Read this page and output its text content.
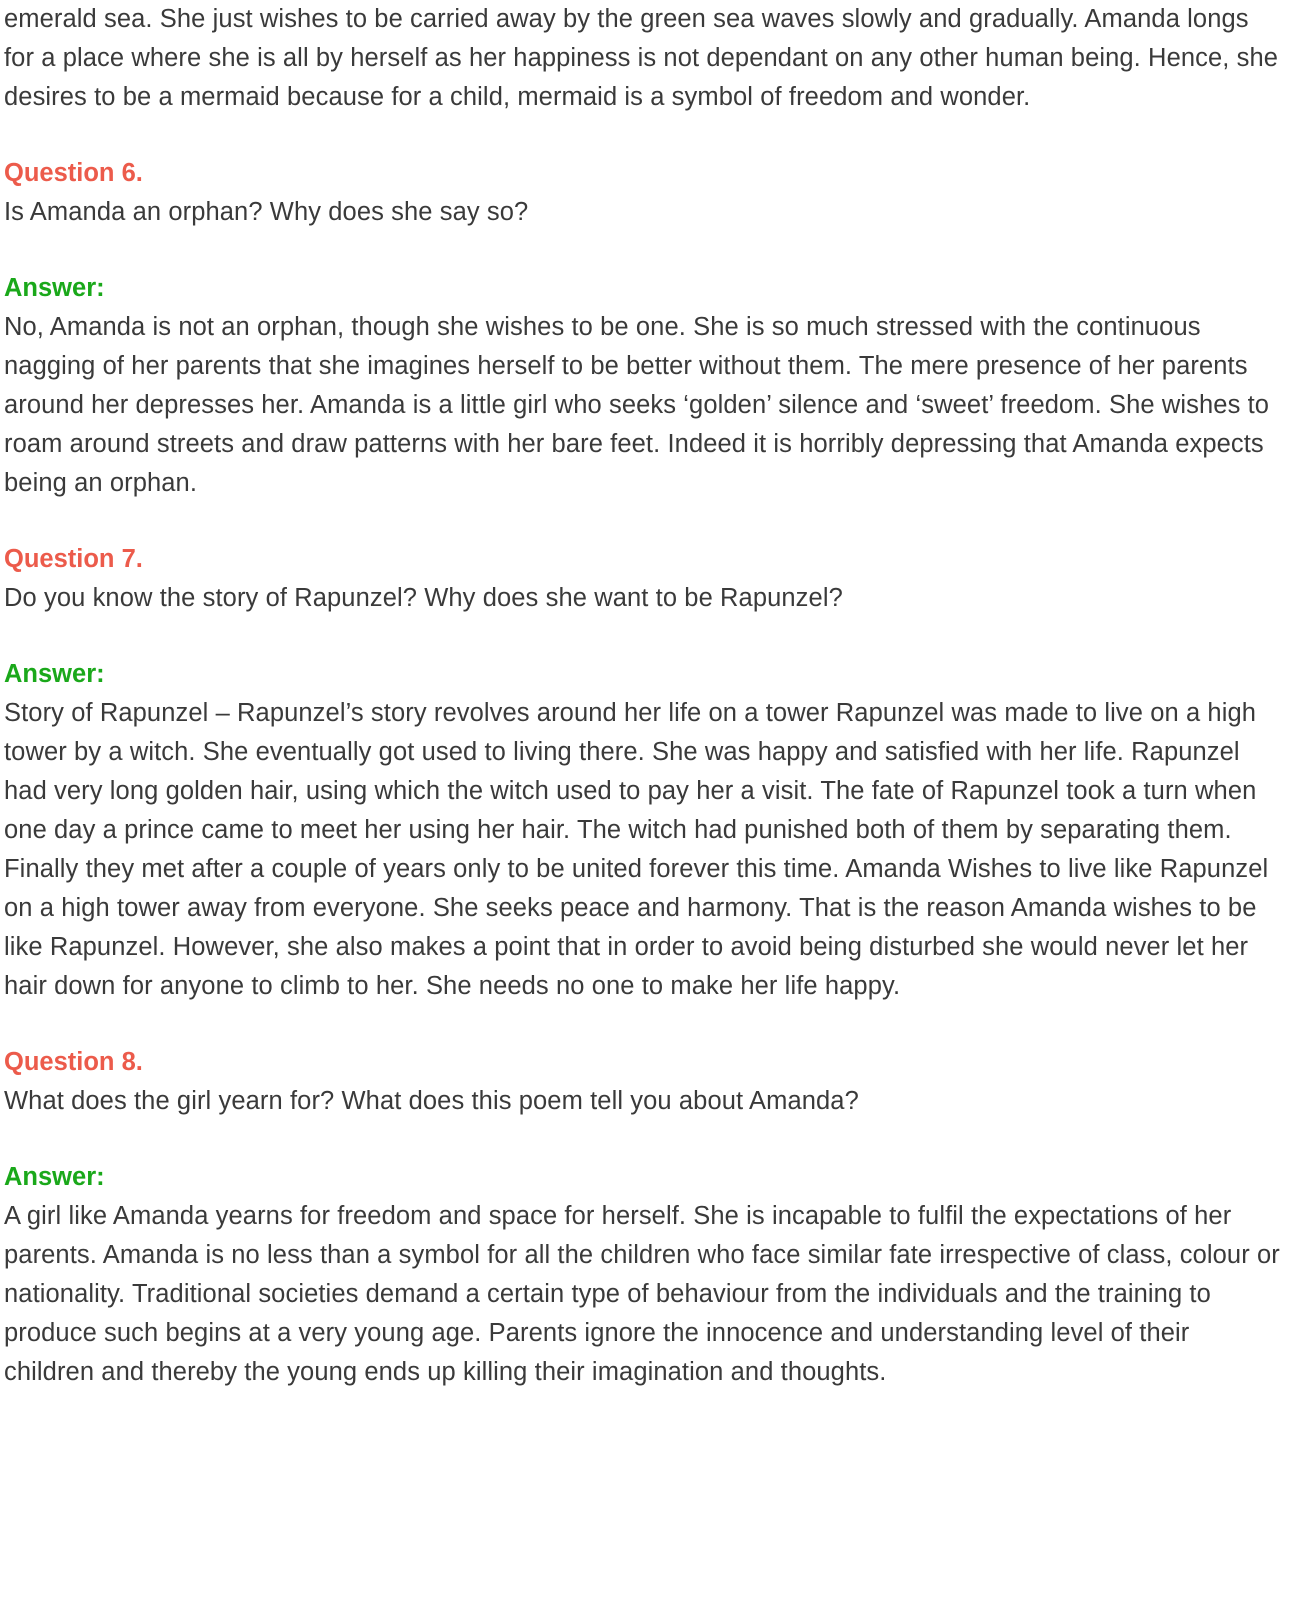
emerald sea. She just wishes to be carried away by the green sea waves slowly and gradually. Amanda longs for a place where she is all by herself as her happiness is not dependant on any other human being. Hence, she desires to be a mermaid because for a child, mermaid is a symbol of freedom and wonder.

Question 6.

Is Amanda an orphan? Why does she say so?

Answer:

No, Amanda is not an orphan, though she wishes to be one. She is so much stressed with the continuous nagging of her parents that she imagines herself to be better without them. The mere presence of her parents around her depresses her. Amanda is a little girl who seeks ‘golden’ silence and ‘sweet’ freedom. She wishes to roam around streets and draw patterns with her bare feet. Indeed it is horribly depressing that Amanda expects being an orphan.

Question 7.

Do you know the story of Rapunzel? Why does she want to be Rapunzel?

Answer:

Story of Rapunzel – Rapunzel’s story revolves around her life on a tower Rapunzel was made to live on a high tower by a witch. She eventually got used to living there. She was happy and satisfied with her life. Rapunzel had very long golden hair, using which the witch used to pay her a visit. The fate of Rapunzel took a turn when one day a prince came to meet her using her hair. The witch had punished both of them by separating them. Finally they met after a couple of years only to be united forever this time. Amanda Wishes to live like Rapunzel on a high tower away from everyone. She seeks peace and harmony. That is the reason Amanda wishes to be like Rapunzel. However, she also makes a point that in order to avoid being disturbed she would never let her hair down for anyone to climb to her. She needs no one to make her life happy.

Question 8.

What does the girl yearn for? What does this poem tell you about Amanda?

Answer:

A girl like Amanda yearns for freedom and space for herself. She is incapable to fulfil the expectations of her parents. Amanda is no less than a symbol for all the children who face similar fate irrespective of class, colour or nationality. Traditional societies demand a certain type of behaviour from the individuals and the training to produce such begins at a very young age. Parents ignore the innocence and understanding level of their children and thereby the young ends up killing their imagination and thoughts.
